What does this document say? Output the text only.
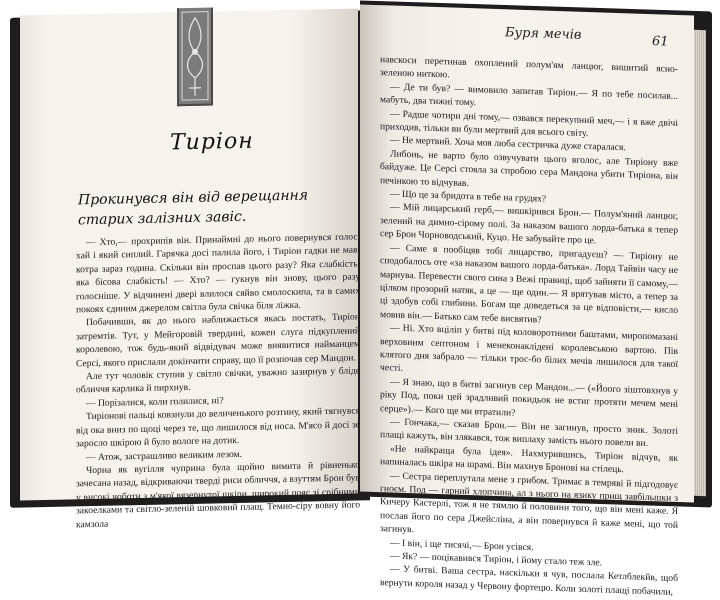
Тиріон
Прокинувся він від верещання старих залізних завіс.

— Хто,— прохрипів він. Принаймні до нього повернувся голос, хай і який сиплий. Гарячка досі палила його, і Тиріон гадки не мав, котра зараз година. Скільки він проспав цього разу? Яка слабкість, яка бісова слабкість! — Хто? — гукнув він знову, цього разу голосніше. У відчинені двері влилося сяйво смолоскипа, та в самих покоях єдиним джерелом світла була свічка біля ліжка.

Побачивши, як до нього наближається якась постать, Тиріон затремтів. Тут, у Мейгоровій твердині, кожен слуга підкуплений королевою, тож будь-який відвідувач може виявитися найманцем Серсі, якого прислали докінчити справу, що її розпочав сер Мандон.

Але тут чоловік ступив у світло свічки, уважно зазирнув у бліде обличчя карлика й пирхнув.

— Порізалися, коли голилися, ні?

Тиріонові пальці ковзнули до величенького розтину, який тягнувся від ока вниз по щоці через те, що лишилося від носа. М'ясо й досі зе заросло шкірою й було вологе на дотик.

— Атож, застрашливо великим лезом.

Чорна як вугілля чуприна була щойно вимита й рівненько зачесана назад, відкриваючи тверді риси обличчя, а взуттям Брон був у високі чоботи з м'якої вязернутої шкіри, широкий пояс зі срібними закоелками та світло-зеленій шовковий плащ. Темно-сіру вовну його камзола

Буря мечів	61

навскоси перетинав охоплений полум'ям ланцюг, вишитий ясно-зеленою ниткою.

— Де ти був? — вимовило запитав Тиріон.— Я по тебе посилав... мабуть, два тижні тому.

— Радше чотири дні тому,— озвався перекупний меч,— і я вже двічі приходив, тільки ви були мертвий для всього світу.

— Не мертвий. Хоча моя люба сестричка дуже старалася.

Либонь, не варто було озвучувати цього вголос, але Тиріону вже байдуже. Це Серсі стояла за спробою сера Мандона убити Тиріона, він печінкою то відчував.

— Що це за бридота в тебе на грудях?

— Мій лицарський герб,— вишкірився Брон.— Полум'яний ланцюг, зелений на димно-сірому полі. За наказом вашого лорда-батька я тепер сер Брон Чорноводський, Куцо. Не забувайте про це.

— Саме я пообіцяв тобі лицарство, пригадуєш? — Тиріону не сподобалось оте «за наказом вашого лорда-батька». Лорд Тайвін часу не марнува. Перевести свого сина з Вежі правиці, щоб зайняти її самому,— цілком прозорий натяк, а це — ще один.— Я врятував місто, а тепер за ці здобув собі глибини. Богам ще доведеться за це відповісти,— кисло мовив він.— Батько сам тебе висвятив?

— Ні. Хто вціліп у битві під коловоротними баштами, миропомазані верховним септоном і менеконаклідені королевською вартою. Пів клятого дня забрало — тільки трос-бо білих мечів лишилося для такої честі.

— Я знаю, що в битві загинув сер Мандон...— («Йоого зіштовхнув у ріку Под, поки цей зрадливий покидьок не встиг протяти мечем мені серце»).— Кого ще ми втратили?

— Гончака,— сказав Брон.— Він не загинув, просто зник. Золоті плащі кажуть, він злякався, тож виплаху замість нього повели ви.

«Не найкраща була ідея». Нахмурившись, Тиріон відчув, як напиналась шкіра на шрамі. Він махнув Бронові на стілець.

— Сестра переплутала мене з грибом. Тримає в темряві й підгодовує гноєм. Под — гарний хлопчина, ал з нього на язику прищ завбільшки з Кичеру Кастерлі, тож я не тямлю й половини того, що він мені каже. Я послав його по сера Джейсліна, а він повернувся й каже мені, що той загинув.

— І він, і ще тисячі,— Брон усівся.

— Як? — поцікавився Тиріон, і йому стало теж зле.

— У битві. Ваша сестра, наскільки я чув, послала Кетлблекйв, щоб вернути короля назад у Червону фортецю. Коли золоті плащі побачили,
